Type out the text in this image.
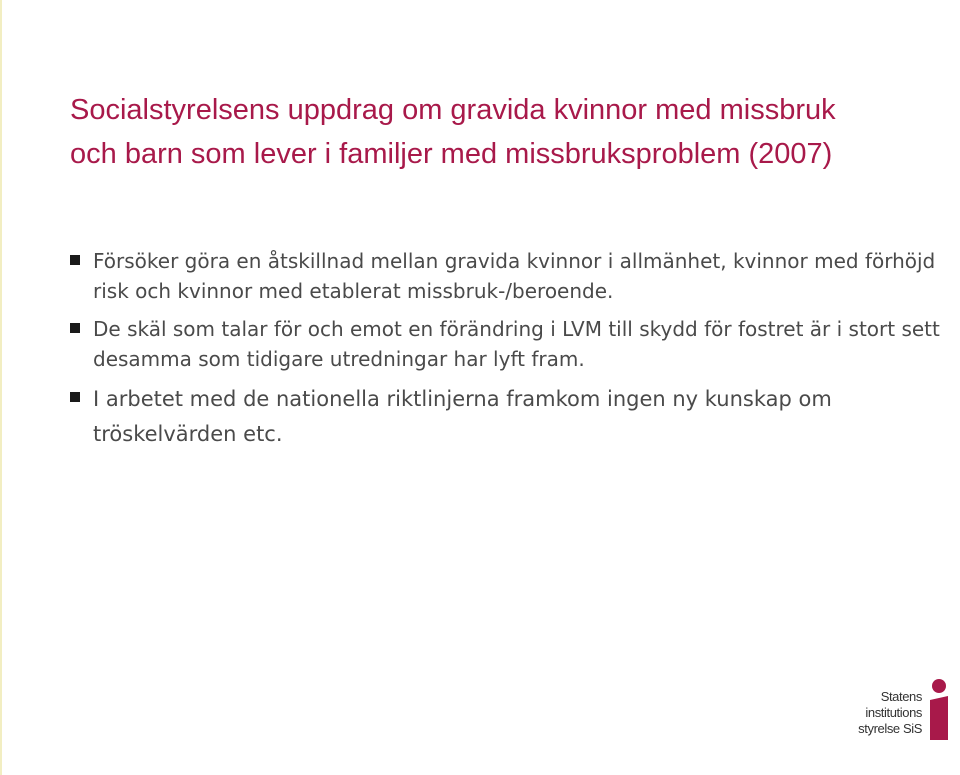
Socialstyrelsens uppdrag om gravida kvinnor med missbruk
och barn som lever i familjer med missbruksproblem (2007)
Försöker göra en åtskillnad mellan gravida kvinnor i allmänhet, kvinnor med förhöjd risk och kvinnor med etablerat missbruk-/beroende.
De skäl som talar för och emot en förändring i LVM till skydd för fostret är i stort sett desamma som tidigare utredningar har lyft fram.
I arbetet med de nationella riktlinjerna framkom ingen ny kunskap om tröskelvärden etc.

Statens
institutions
styrelse SiS
